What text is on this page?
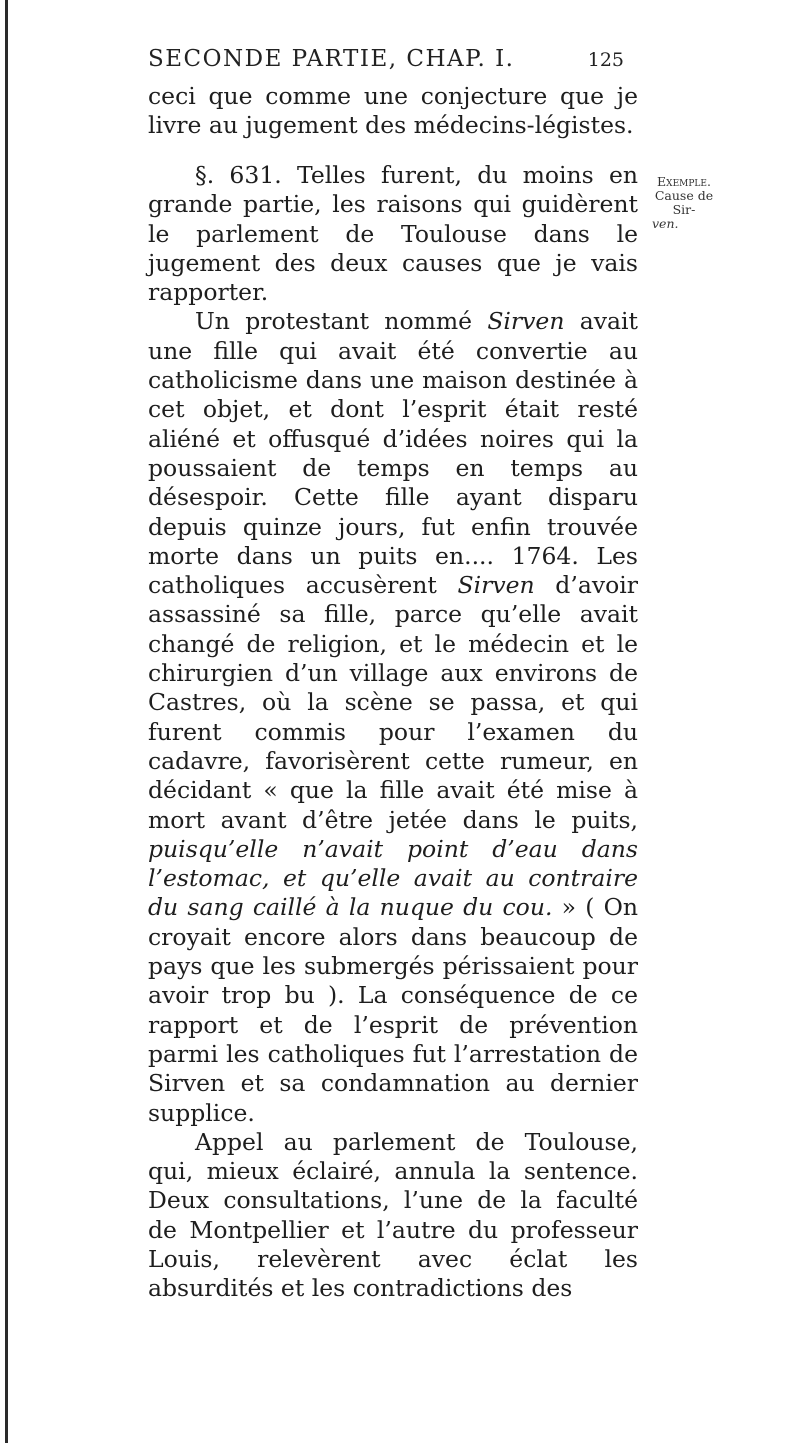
SECONDE PARTIE, CHAP. I.	125

ceci que comme une conjecture que je livre au jugement des médecins-légistes.

§. 631. Telles furent, du moins en grande partie, les raisons qui guidèrent le parlement de Toulouse dans le jugement des deux causes que je vais rapporter.

Un protestant nommé Sirven avait une fille qui avait été convertie au catholicisme dans une maison destinée à cet objet, et dont l’esprit était resté aliéné et offusqué d’idées noires qui la poussaient de temps en temps au désespoir. Cette fille ayant disparu depuis quinze jours, fut enfin trouvée morte dans un puits en.... 1764. Les catholiques accusèrent Sirven d’avoir assassiné sa fille, parce qu’elle avait changé de religion, et le médecin et le chirurgien d’un village aux environs de Castres, où la scène se passa, et qui furent commis pour l’examen du cadavre, favorisèrent cette rumeur, en décidant « que la fille avait été mise à mort avant d’être jetée dans le puits, puisqu’elle n’avait point d’eau dans l’estomac, et qu’elle avait au contraire du sang caillé à la nuque du cou. » ( On croyait encore alors dans beaucoup de pays que les submergés périssaient pour avoir trop bu ). La conséquence de ce rapport et de l’esprit de prévention parmi les catholiques fut l’arrestation de Sirven et sa condamnation au dernier supplice.

Appel au parlement de Toulouse, qui, mieux éclairé, annula la sentence. Deux consultations, l’une de la faculté de Montpellier et l’autre du professeur Louis, relevèrent avec éclat les absurdités et les contradictions des

Exemple.
Cause de Sir-
ven.
